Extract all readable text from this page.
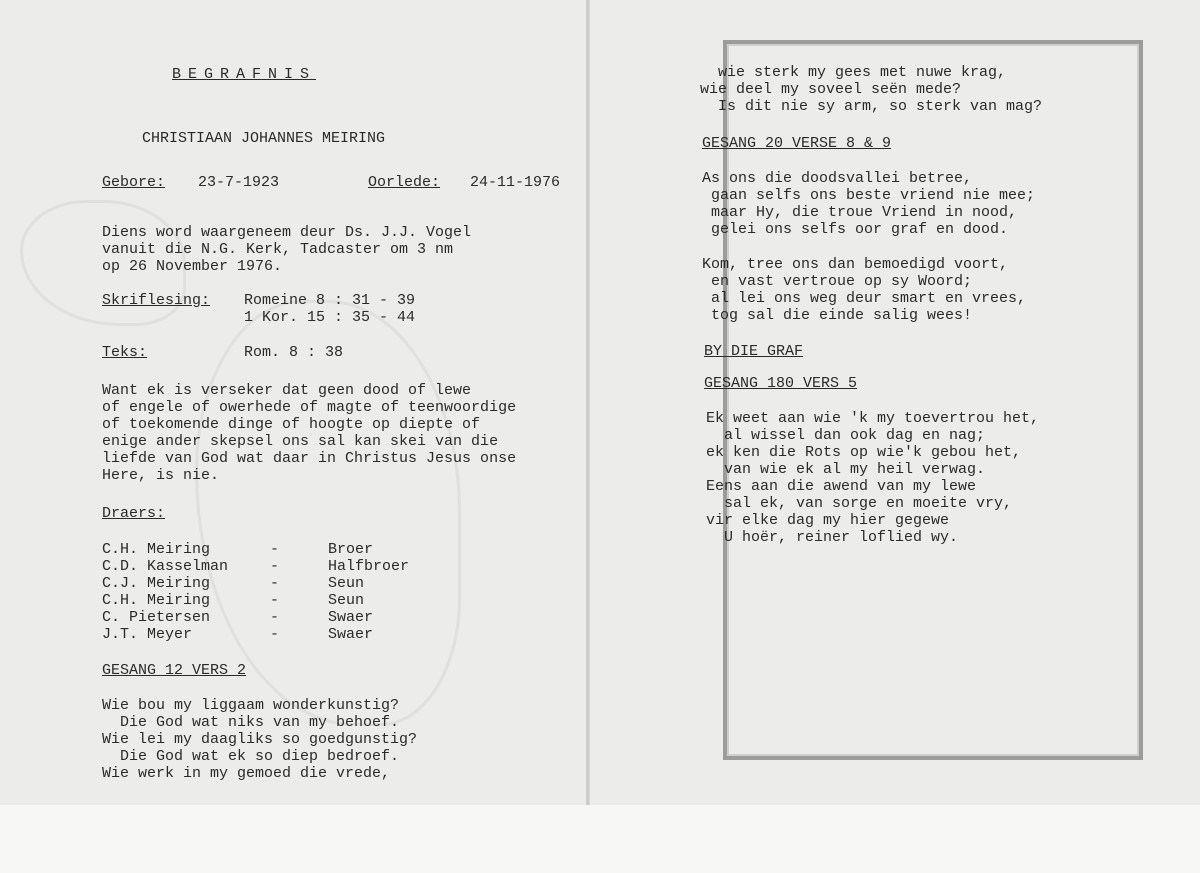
BEGRAFNIS
CHRISTIAAN JOHANNES MEIRING
Gebore: 23-7-1923	Oorlede: 24-11-1976
Diens word waargeneem deur Ds. J.J. Vogel
vanuit die N.G. Kerk, Tadcaster om 3 nm
op 26 November 1976.
Skriflesing: Romeine 8 : 31 - 39
1 Kor. 15 : 35 - 44
Teks:	Rom. 8 : 38
Want ek is verseker dat geen dood of lewe
of engele of owerhede of magte of teenwoordige
of toekomende dinge of hoogte op diepte of
enige ander skepsel ons sal kan skei van die
liefde van God wat daar in Christus Jesus onse
Here, is nie.
Draers:
C.H. Meiring	-	Broer
C.D. Kasselman	-	Halfbroer
C.J. Meiring	-	Seun
C.H. Meiring	-	Seun
C. Pietersen	-	Swaer
J.T. Meyer	-	Swaer
GESANG 12 VERS 2
Wie bou my liggaam wonderkunstig?
Die God wat niks van my behoef.
Wie lei my daagliks so goedgunstig?
Die God wat ek so diep bedroef.
Wie werk in my gemoed die vrede,
wie sterk my gees met nuwe krag,
wie deel my soveel seën mede?
Is dit nie sy arm, so sterk van mag?
GESANG 20 VERSE 8 & 9
As ons die doodsvallei betree,
gaan selfs ons beste vriend nie mee;
maar Hy, die troue Vriend in nood,
gelei ons selfs oor graf en dood.
Kom, tree ons dan bemoedigd voort,
en vast vertroue op sy Woord;
al lei ons weg deur smart en vrees,
tog sal die einde salig wees!
BY DIE GRAF
GESANG 180 VERS 5
Ek weet aan wie 'k my toevertrou het,
al wissel dan ook dag en nag;
ek ken die Rots op wie'k gebou het,
van wie ek al my heil verwag.
Eens aan die awend van my lewe
sal ek, van sorge en moeite vry,
vir elke dag my hier gegewe
U hoër, reiner loflied wy.
